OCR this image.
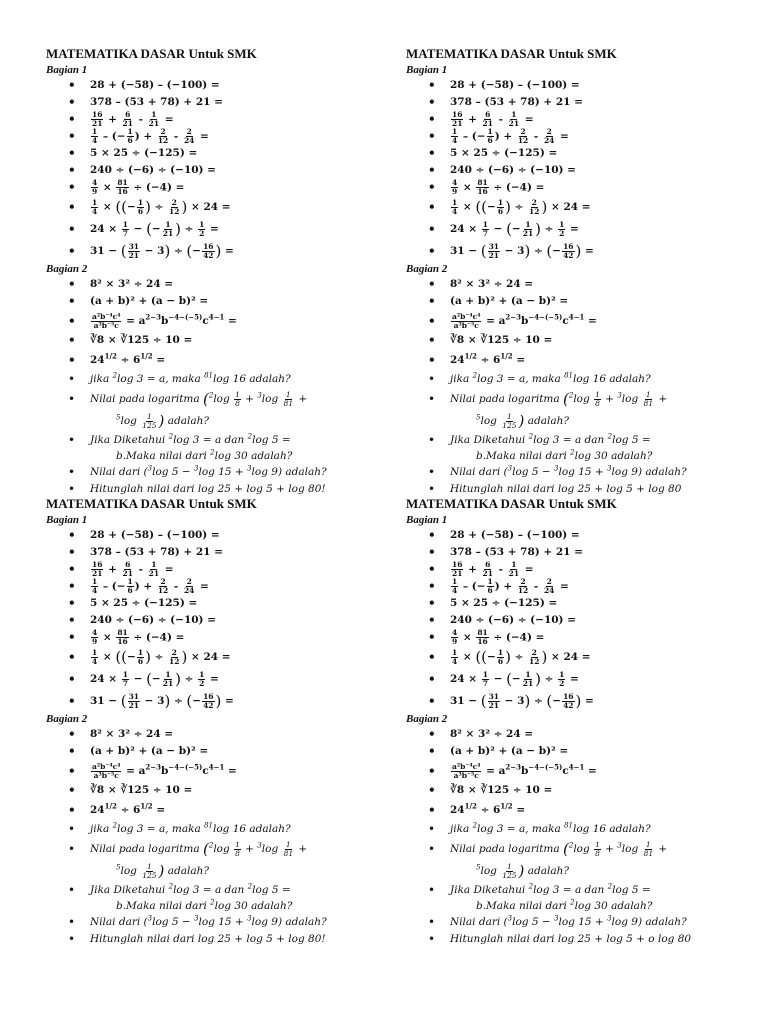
MATEMATIKA DASAR Untuk SMK

Bagian 1

• 28 + (−58) – (−100) =
• 378 – (53 + 78) + 21 =
• $\frac{16}{21} + \frac{6}{21} - \frac{1}{21}$ =
• $\frac{1}{4}$ – (− $\frac{1}{6}$ ) + $\frac{2}{12} - \frac{2}{24}$ =
• 5 × 25 ÷ (−125) =
• 240 ÷ (−6) ÷ (−10) =
• $\frac{4}{9} \times \frac{81}{16} \div (-4)$ =
• $\frac{1}{4}$ × ((− $\frac{1}{6}$ ) ÷ $\frac{2}{12}$ ) × 24 =
• $24 \times \frac{1}{7}$ − (− $\frac{1}{21}$ ) ÷ $\frac{1}{2}$ =
• 31 − ( $\frac{31}{21} - 3$) ÷ (− $\frac{16}{42}$ ) =

Bagian 2

• 8² × 3² ÷ 24 =
• (a + b)² + (a − b)² =
• $\frac{\text{a²b⁻⁴c⁴}}{\text{a³b⁻⁵c}} = a^{2-3}b^{-4-(-5)}c^{4-1}$ =
• ∛8 × ∛125 ÷ 10 =
• $24^{1/2} \div 6^{1/2}$ =
• jika $^2$log 3 = a, maka $^{81}$log 16 adalah?
• Nilai pada logaritma ($^2\log \frac{1}{8} + ^3\log \frac{1}{81}$ +
$^5\log \frac{1}{125}$ ) adalah?
• Jika Diketahui $^2$log 3 = a dan $^2$log 5 =
b.Maka nilai dari $^2$log 30 adalah?
• Nilai dari ($^3$log 5 − $^3$log 15 + $^3$log 9) adalah?
• Hitunglah nilai dari log 25 + log 5 + log 80!

MATEMATIKA DASAR Untuk SMK

Bagian 1

• 28 + (−58) – (−100) =
• 378 – (53 + 78) + 21 =
• $\frac{16}{21} + \frac{6}{21} - \frac{1}{21}$ =
• $\frac{1}{4}$ – (− $\frac{1}{6}$ ) + $\frac{2}{12} - \frac{2}{24}$ =
• 5 × 25 ÷ (−125) =
• 240 ÷ (−6) ÷ (−10) =
• $\frac{4}{9} \times \frac{81}{16} \div (-4)$ =
• $\frac{1}{4}$ × ((− $\frac{1}{6}$ ) ÷ $\frac{2}{12}$ ) × 24 =
• $24 \times \frac{1}{7}$ − (− $\frac{1}{21}$ ) ÷ $\frac{1}{2}$ =
• 31 − ( $\frac{31}{21} - 3$) ÷ (− $\frac{16}{42}$ ) =

Bagian 2

• 8² × 3² ÷ 24 =
• (a + b)² + (a − b)² =
• $\frac{\text{a²b⁻⁴c⁴}}{\text{a³b⁻⁵c}} = a^{2-3}b^{-4-(-5)}c^{4-1}$ =
• ∛8 × ∛125 ÷ 10 =
• $24^{1/2} \div 6^{1/2}$ =
• jika $^2$log 3 = a, maka $^{81}$log 16 adalah?
• Nilai pada logaritma ($^2\log \frac{1}{8} + ^3\log \frac{1}{81}$ +
$^5\log \frac{1}{125}$ ) adalah?
• Jika Diketahui $^2$log 3 = a dan $^2$log 5 =
b.Maka nilai dari $^2$log 30 adalah?
• Nilai dari ($^3$log 5 − $^3$log 15 + $^3$log 9) adalah?
• Hitunglah nilai dari log 25 + log 5 + log 80

MATEMATIKA DASAR Untuk SMK

Bagian 1

• 28 + (−58) – (−100) =
• 378 – (53 + 78) + 21 =
• $\frac{16}{21} + \frac{6}{21} - \frac{1}{21}$ =
• $\frac{1}{4}$ – (− $\frac{1}{6}$ ) + $\frac{2}{12} - \frac{2}{24}$ =
• 5 × 25 ÷ (−125) =
• 240 ÷ (−6) ÷ (−10) =
• $\frac{4}{9} \times \frac{81}{16} \div (-4)$ =
• $\frac{1}{4}$ × ((− $\frac{1}{6}$ ) ÷ $\frac{2}{12}$ ) × 24 =
• $24 \times \frac{1}{7}$ − (− $\frac{1}{21}$ ) ÷ $\frac{1}{2}$ =
• 31 − ( $\frac{31}{21} - 3$) ÷ (− $\frac{16}{42}$ ) =

Bagian 2

• 8² × 3² ÷ 24 =
• (a + b)² + (a − b)² =
• $\frac{\text{a²b⁻⁴c⁴}}{\text{a³b⁻⁵c}} = a^{2-3}b^{-4-(-5)}c^{4-1}$ =
• ∛8 × ∛125 ÷ 10 =
• $24^{1/2} \div 6^{1/2}$ =
• jika $^2$log 3 = a, maka $^{81}$log 16 adalah?
• Nilai pada logaritma ($^2\log \frac{1}{8} + ^3\log \frac{1}{81}$ +
$^5\log \frac{1}{125}$ ) adalah?
• Jika Diketahui $^2$log 3 = a dan $^2$log 5 =
b.Maka nilai dari $^2$log 30 adalah?
• Nilai dari ($^3$log 5 − $^3$log 15 + $^3$log 9) adalah?
• Hitunglah nilai dari log 25 + log 5 + log 80!

MATEMATIKA DASAR Untuk SMK

Bagian 1

• 28 + (−58) – (−100) =
• 378 – (53 + 78) + 21 =
• $\frac{16}{21} + \frac{6}{21} - \frac{1}{21}$ =
• $\frac{1}{4}$ – (− $\frac{1}{6}$ ) + $\frac{2}{12} - \frac{2}{24}$ =
• 5 × 25 ÷ (−125) =
• 240 ÷ (−6) ÷ (−10) =
• $\frac{4}{9} \times \frac{81}{16} \div (-4)$ =
• $\frac{1}{4}$ × ((− $\frac{1}{6}$ ) ÷ $\frac{2}{12}$ ) × 24 =
• $24 \times \frac{1}{7}$ − (− $\frac{1}{21}$ ) ÷ $\frac{1}{2}$ =
• 31 − ( $\frac{31}{21} - 3$) ÷ (− $\frac{16}{42}$ ) =

Bagian 2

• 8² × 3² ÷ 24 =
• (a + b)² + (a − b)² =
• $\frac{\text{a²b⁻⁴c⁴}}{\text{a³b⁻⁵c}} = a^{2-3}b^{-4-(-5)}c^{4-1}$ =
• ∛8 × ∛125 ÷ 10 =
• $24^{1/2} \div 6^{1/2}$ =
• jika $^2$log 3 = a, maka $^{81}$log 16 adalah?
• Nilai pada logaritma ($^2\log \frac{1}{8} + ^3\log \frac{1}{81}$ +
$^5\log \frac{1}{125}$ ) adalah?
• Jika Diketahui $^2$log 3 = a dan $^2$log 5 =
b.Maka nilai dari $^2$log 30 adalah?
• Nilai dari ($^3$log 5 − $^3$log 15 + $^3$log 9) adalah?
• Hitunglah nilai dari log 25 + log 5 + o log 80
